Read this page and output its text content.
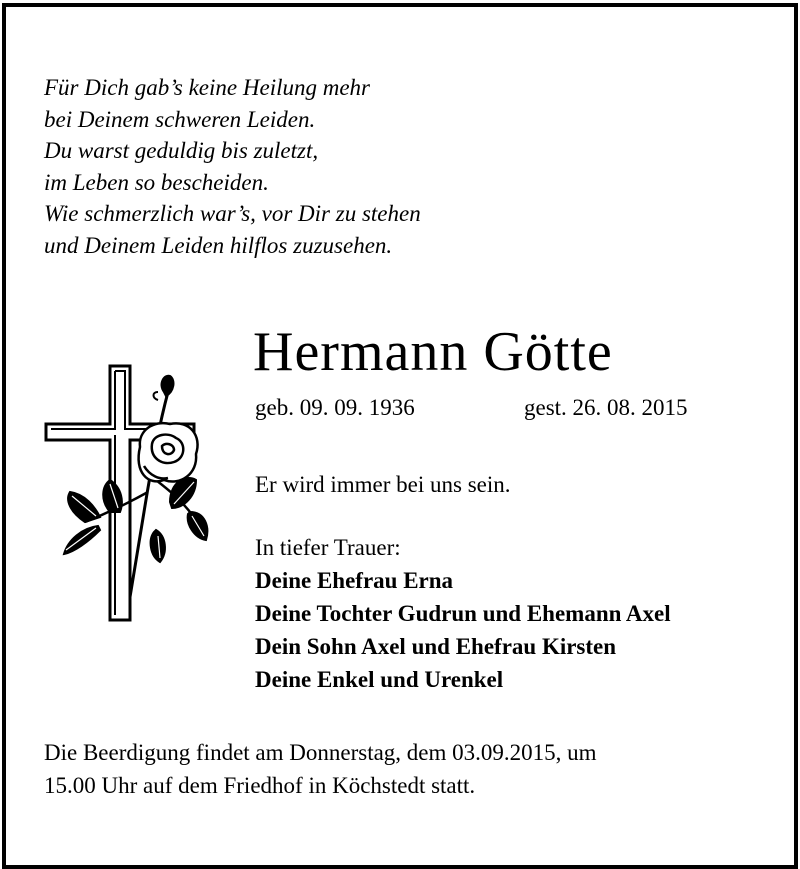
Für Dich gab’s keine Heilung mehr
bei Deinem schweren Leiden.
Du warst geduldig bis zuletzt,
im Leben so bescheiden.
Wie schmerzlich war’s, vor Dir zu stehen
und Deinem Leiden hilflos zuzusehen.
Hermann Götte
geb. 09. 09. 1936	gest. 26. 08. 2015
Er wird immer bei uns sein.
In tiefer Trauer:
Deine Ehefrau Erna
Deine Tochter Gudrun und Ehemann Axel
Dein Sohn Axel und Ehefrau Kirsten
Deine Enkel und Urenkel
Die Beerdigung findet am Donnerstag, dem 03.09.2015, um
15.00 Uhr auf dem Friedhof in Köchstedt statt.
